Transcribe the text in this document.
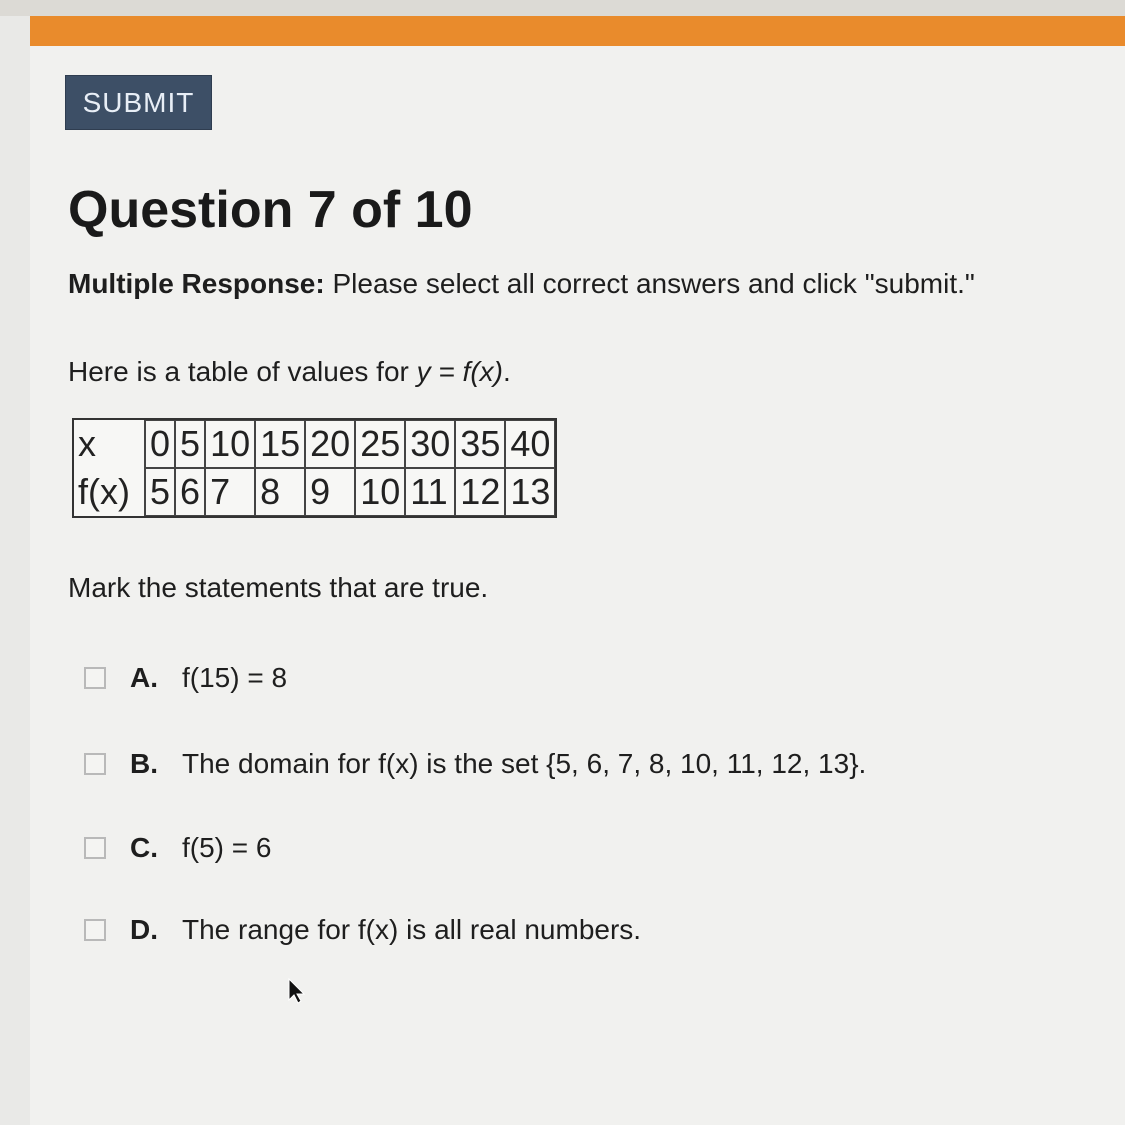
SUBMIT
Question 7 of 10
Multiple Response: Please select all correct answers and click "submit."
Here is a table of values for y = f(x).
x	0	5	10	15	20	25	30	35	40
f(x)	5	6	7	8	9	10	11	12	13
Mark the statements that are true.
A. f(15) = 8
B. The domain for f(x) is the set {5, 6, 7, 8, 10, 11, 12, 13}.
C. f(5) = 6
D. The range for f(x) is all real numbers.
